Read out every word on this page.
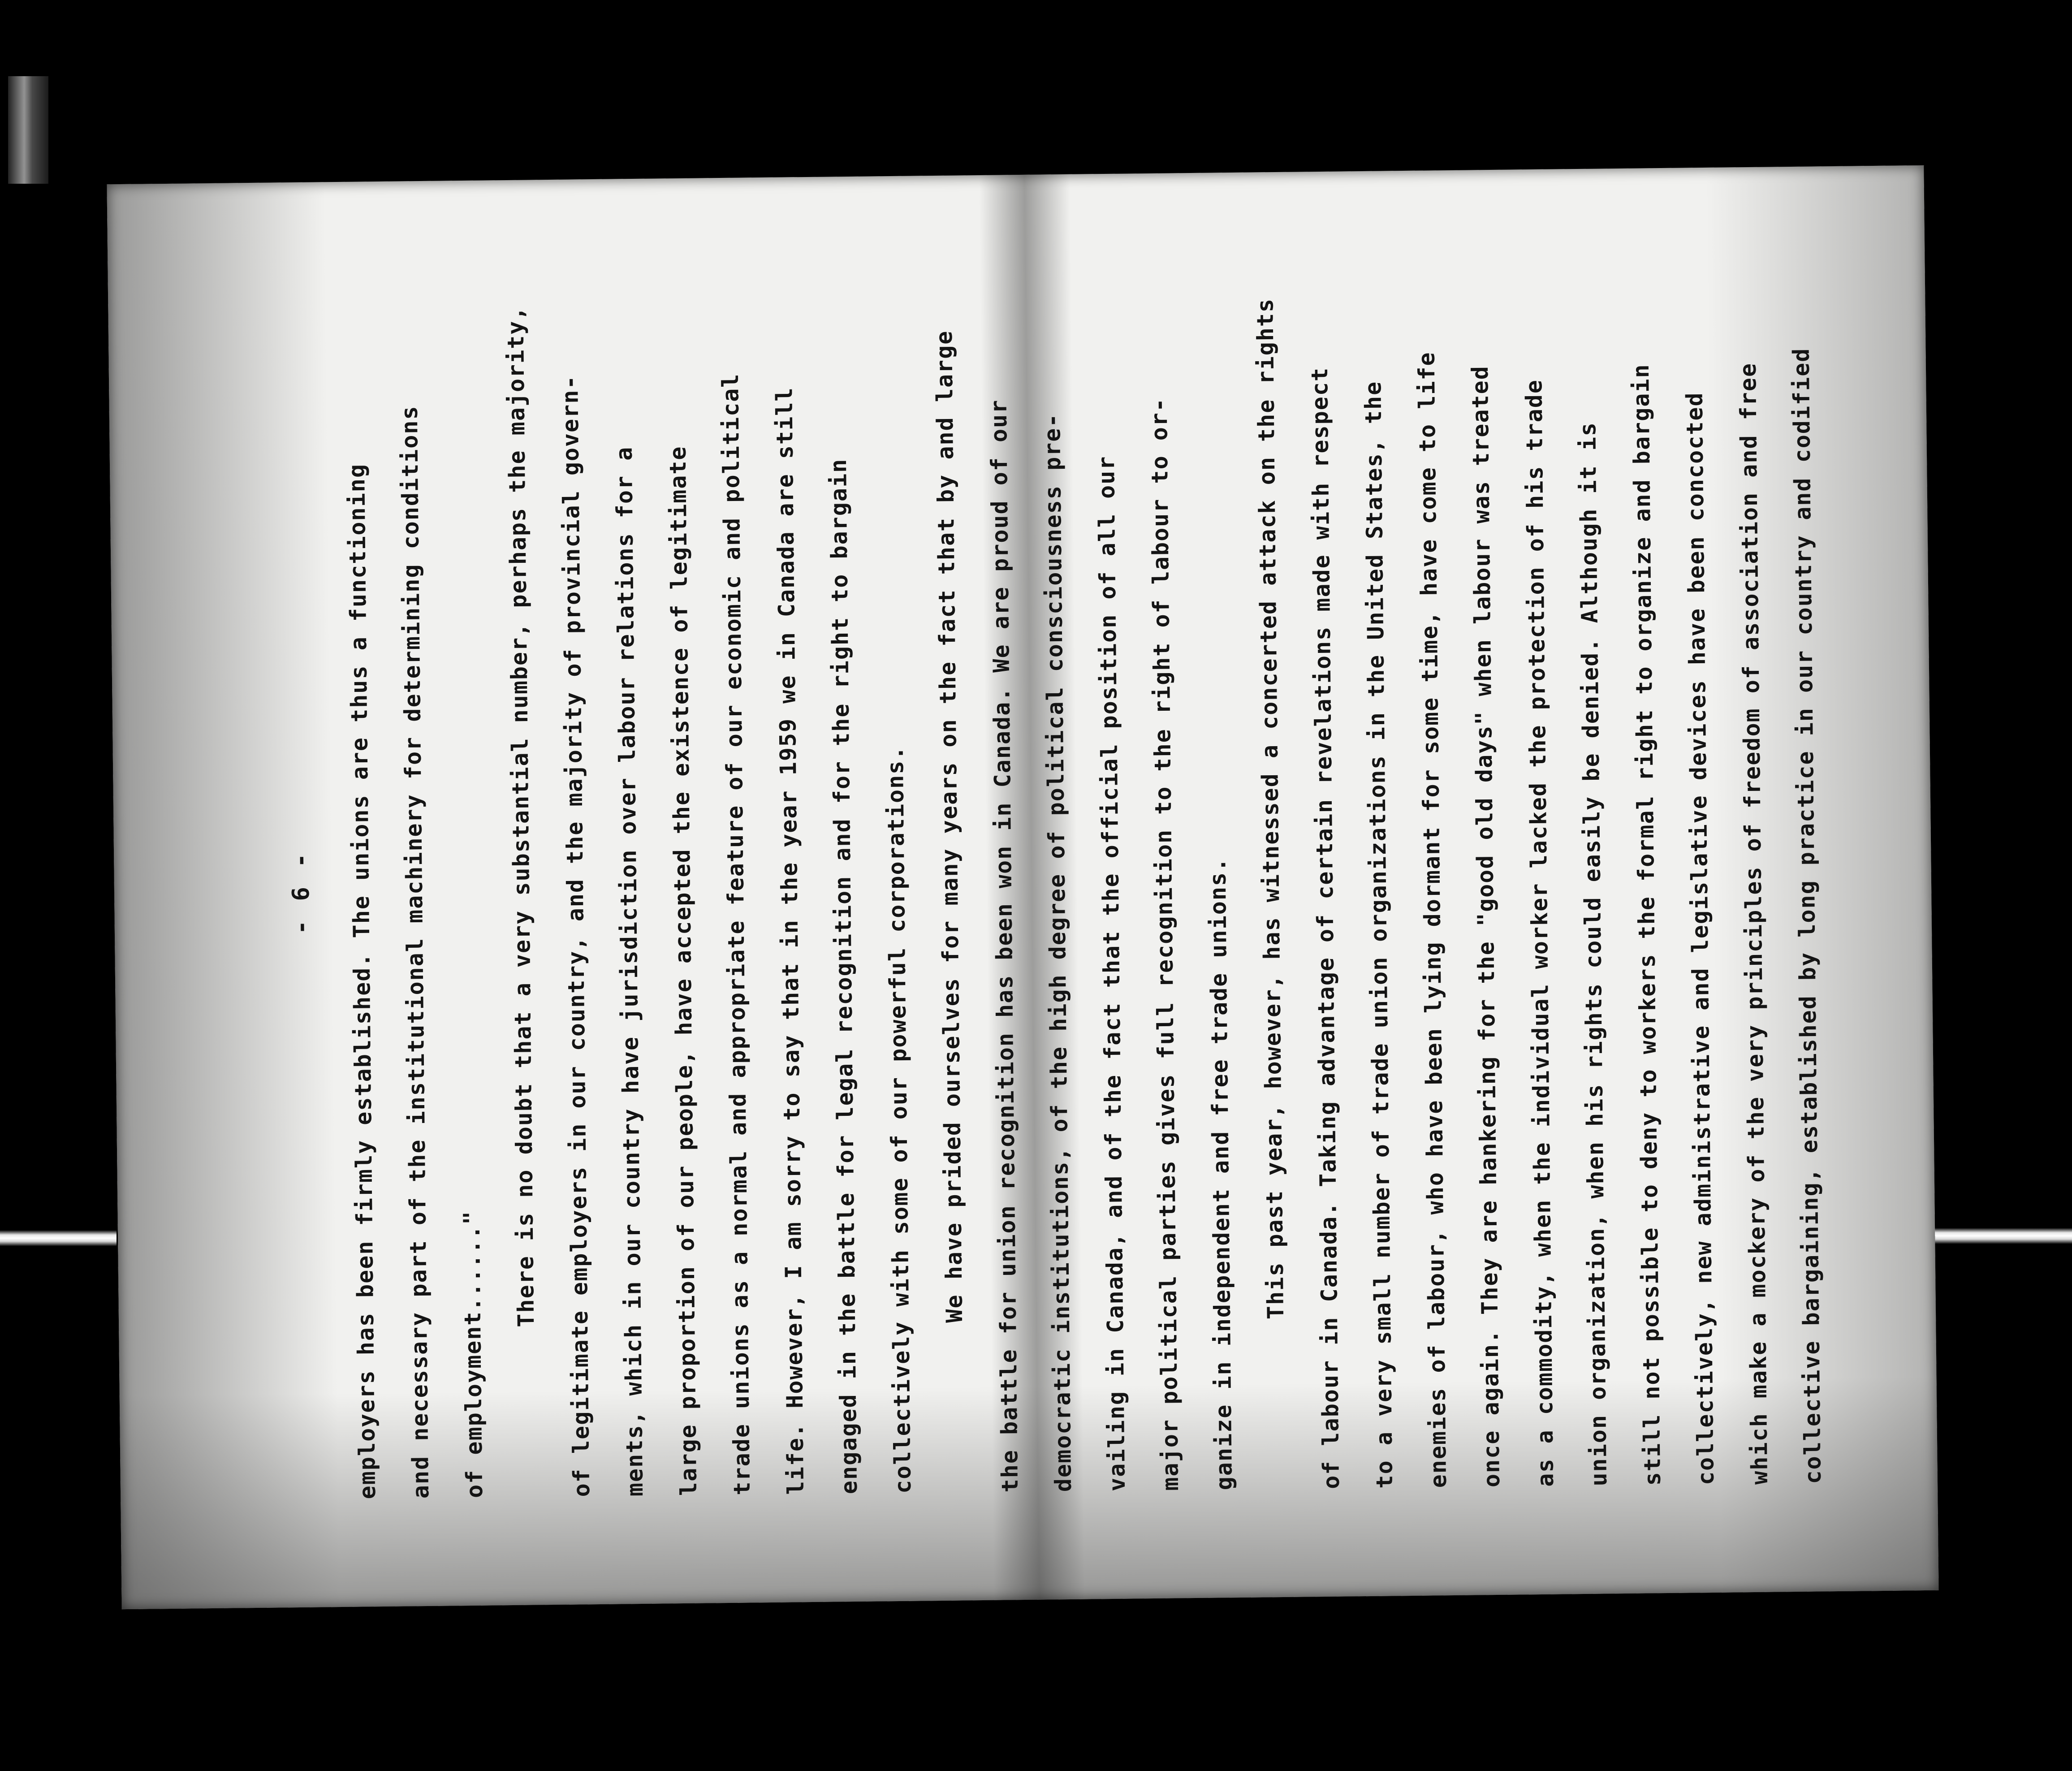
- 6 -	employers has been firmly established. The unions are thus a functioning and necessary part of the institutional machinery for determining conditions	of employment......"
There is no doubt that a very substantial number, perhaps the majority, of legitimate employers in our country, and the majority of provincial govern- ments, which in our country have jurisdiction over labour relations for a large proportion of our people, have accepted the existence of legitimate trade unions as a normal and appropriate feature of our economic and political life. However, I am sorry to say that in the year 1959 we in Canada are still engaged in the battle for legal recognition and for the right to bargain collectively with some of our powerful corporations. We have prided ourselves for many years on the fact that by and large the battle for union recognition has been won in Canada. We are proud of our democratic institutions, of the high degree of political consciousness pre- vailing in Canada, and of the fact that the official position of all our major political parties gives full recognition to the right of labour to or- ganize in independent and free trade unions. This past year, however, has witnessed a concerted attack on the rights of labour in Canada. Taking advantage of certain revelations made with respect to a very small number of trade union organizations in the United States, the enemies of labour, who have been lying dormant for some time, have come to life once again. They are hankering for the "good old days" when labour was treated as a commodity, when the individual worker lacked the protection of his trade union organization, when his rights could easily be denied. Although it is still not possible to deny to workers the formal right to organize and bargain collectively, new administrative and legislative devices have been concocted which make a mockery of the very principles of freedom of association and free collective bargaining, established by long practice in our country and codified
